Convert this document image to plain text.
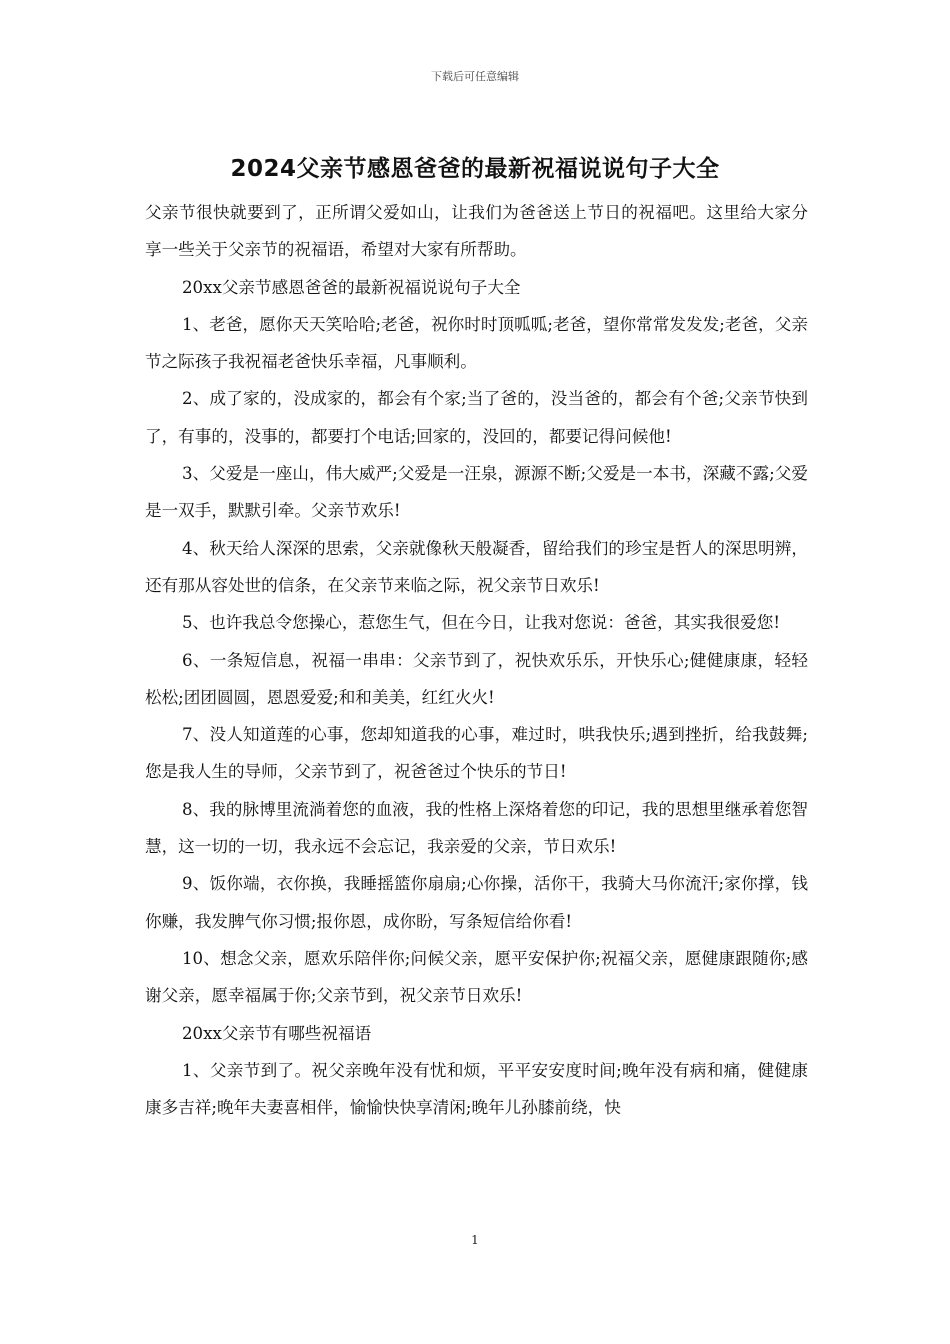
下载后可任意编辑
2024父亲节感恩爸爸的最新祝福说说句子大全

父亲节很快就要到了，正所谓父爱如山，让我们为爸爸送上节日的祝福吧。这里给大家分享一些关于父亲节的祝福语，希望对大家有所帮助。

20xx父亲节感恩爸爸的最新祝福说说句子大全

1、老爸，愿你天天笑哈哈;老爸，祝你时时顶呱呱;老爸，望你常常发发发;老爸，父亲节之际孩子我祝福老爸快乐幸福，凡事顺利。

2、成了家的，没成家的，都会有个家;当了爸的，没当爸的，都会有个爸;父亲节快到了，有事的，没事的，都要打个电话;回家的，没回的，都要记得问候他!

3、父爱是一座山，伟大威严;父爱是一汪泉，源源不断;父爱是一本书，深藏不露;父爱是一双手，默默引牵。父亲节欢乐!

4、秋天给人深深的思索，父亲就像秋天般凝香，留给我们的珍宝是哲人的深思明辨，还有那从容处世的信条，在父亲节来临之际，祝父亲节日欢乐!

5、也许我总令您操心，惹您生气，但在今日，让我对您说：爸爸，其实我很爱您!

6、一条短信息，祝福一串串：父亲节到了，祝快欢乐乐，开快乐心;健健康康，轻轻松松;团团圆圆，恩恩爱爱;和和美美，红红火火!

7、没人知道莲的心事，您却知道我的心事，难过时，哄我快乐;遇到挫折，给我鼓舞;您是我人生的导师，父亲节到了，祝爸爸过个快乐的节日!

8、我的脉博里流淌着您的血液，我的性格上深烙着您的印记，我的思想里继承着您智慧，这一切的一切，我永远不会忘记，我亲爱的父亲，节日欢乐!

9、饭你端，衣你换，我睡摇篮你扇扇;心你操，活你干，我骑大马你流汗;家你撑，钱你赚，我发脾气你习惯;报你恩，成你盼，写条短信给你看!

10、想念父亲，愿欢乐陪伴你;问候父亲，愿平安保护你;祝福父亲，愿健康跟随你;感谢父亲，愿幸福属于你;父亲节到，祝父亲节日欢乐!

20xx父亲节有哪些祝福语

1、父亲节到了。祝父亲晚年没有忧和烦，平平安安度时间;晚年没有病和痛，健健康康多吉祥;晚年夫妻喜相伴，愉愉快快享清闲;晚年儿孙膝前绕，快

1
